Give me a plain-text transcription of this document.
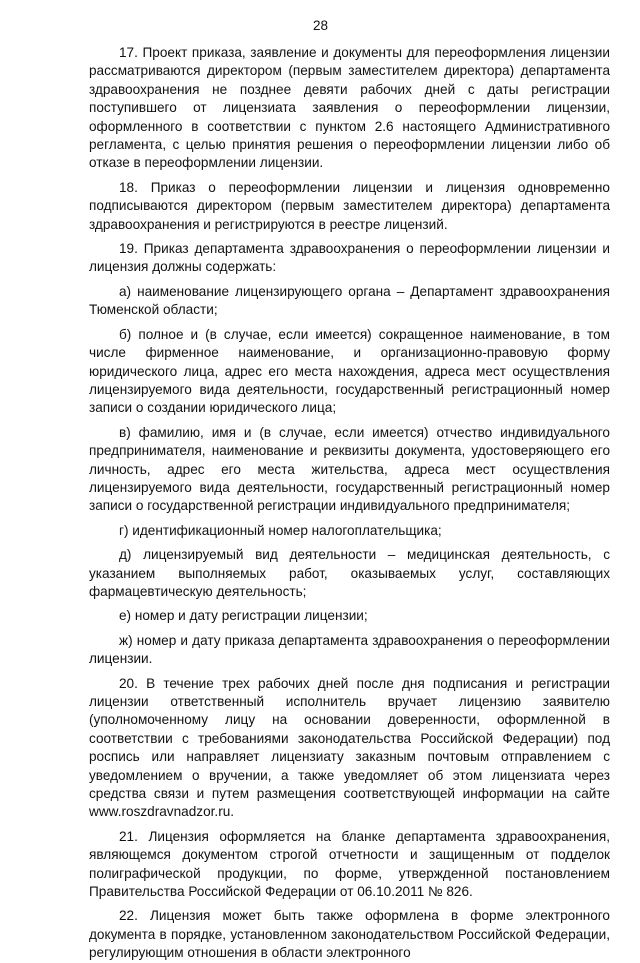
28

17. Проект приказа, заявление и документы для переоформления лицензии рассматриваются директором (первым заместителем директора) департамента здравоохранения не позднее девяти рабочих дней с даты регистрации поступившего от лицензиата заявления о переоформлении лицензии, оформленного в соответствии с пунктом 2.6 настоящего Административного регламента, с целью принятия решения о переоформлении лицензии либо об отказе в переоформлении лицензии.

18. Приказ о переоформлении лицензии и лицензия одновременно подписываются директором (первым заместителем директора) департамента здравоохранения и регистрируются в реестре лицензий.

19. Приказ департамента здравоохранения о переоформлении лицензии и лицензия должны содержать:

а) наименование лицензирующего органа – Департамент здравоохранения Тюменской области;

б) полное и (в случае, если имеется) сокращенное наименование, в том числе фирменное наименование, и организационно-правовую форму юридического лица, адрес его места нахождения, адреса мест осуществления лицензируемого вида деятельности, государственный регистрационный номер записи о создании юридического лица;

в) фамилию, имя и (в случае, если имеется) отчество индивидуального предпринимателя, наименование и реквизиты документа, удостоверяющего его личность, адрес его места жительства, адреса мест осуществления лицензируемого вида деятельности, государственный регистрационный номер записи о государственной регистрации индивидуального предпринимателя;

г) идентификационный номер налогоплательщика;

д) лицензируемый вид деятельности – медицинская деятельность, с указанием выполняемых работ, оказываемых услуг, составляющих фармацевтическую деятельность;

е) номер и дату регистрации лицензии;

ж) номер и дату приказа департамента здравоохранения о переоформлении лицензии.

20. В течение трех рабочих дней после дня подписания и регистрации лицензии ответственный исполнитель вручает лицензию заявителю (уполномоченному лицу на основании доверенности, оформленной в соответствии с требованиями законодательства Российской Федерации) под роспись или направляет лицензиату заказным почтовым отправлением с уведомлением о вручении, а также уведомляет об этом лицензиата через средства связи и путем размещения соответствующей информации на сайте www.roszdravnadzor.ru.

21. Лицензия оформляется на бланке департамента здравоохранения, являющемся документом строгой отчетности и защищенным от подделок полиграфической продукции, по форме, утвержденной постановлением Правительства Российской Федерации от 06.10.2011 № 826.

22. Лицензия может быть также оформлена в форме электронного документа в порядке, установленном законодательством Российской Федерации, регулирующим отношения в области электронного
